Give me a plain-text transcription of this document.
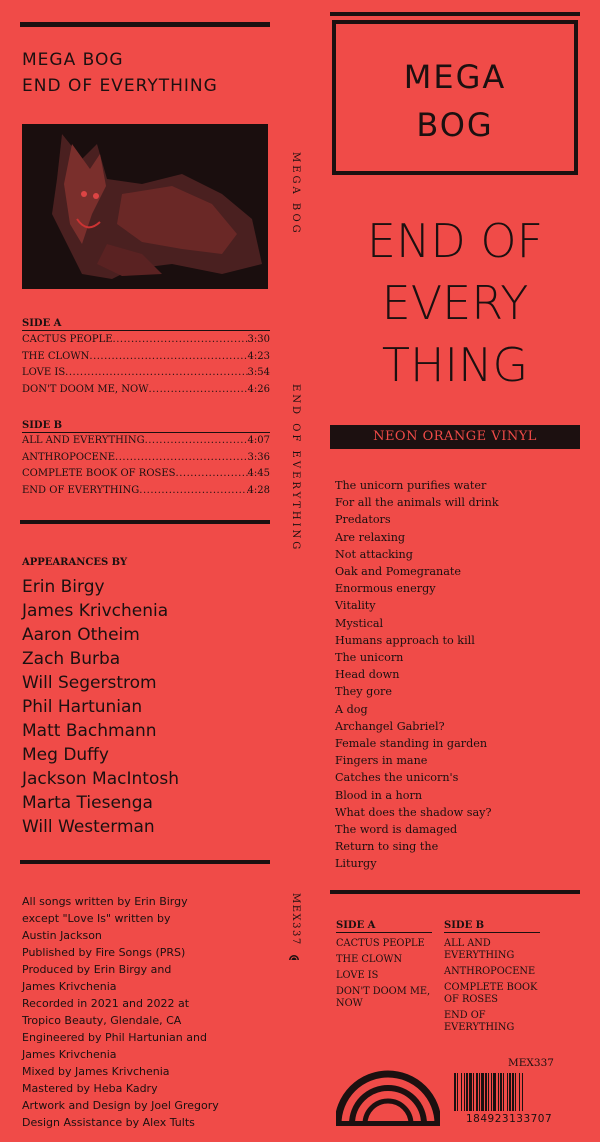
MEGA BOG
END OF EVERYTHING
SIDE A
CACTUS PEOPLE .....	3:30
THE CLOWN .....	4:23
LOVE IS .....	3:54
DON'T DOOM ME, NOW .....	4:26
SIDE B
ALL AND EVERYTHING .....	4:07
ANTHROPOCENE .....	3:36
COMPLETE BOOK OF ROSES .....	4:45
END OF EVERYTHING .....	4:28
APPEARANCES BY
Erin Birgy
James Krivchenia
Aaron Otheim
Zach Burba
Will Segerstrom
Phil Hartunian
Matt Bachmann
Meg Duffy
Jackson MacIntosh
Marta Tiesenga
Will Westerman
All songs written by Erin Birgy
except "Love Is" written by
Austin Jackson
Published by Fire Songs (PRS)
Produced by Erin Birgy and
James Krivchenia
Recorded in 2021 and 2022 at
Tropico Beauty, Glendale, CA
Engineered by Phil Hartunian and
James Krivchenia
Mixed by James Krivchenia
Mastered by Heba Kadry
Artwork and Design by Joel Gregory
Design Assistance by Alex Tults
MEGA BOG
END OF EVERYTHING
MEX337
MEGA
BOG
END OF
EVERY
THING
NEON ORANGE VINYL
The unicorn purifies water
For all the animals will drink
Predators
Are relaxing
Not attacking
Oak and Pomegranate
Enormous energy
Vitality
Mystical
Humans approach to kill
The unicorn
Head down
They gore
A dog
Archangel Gabriel?
Female standing in garden
Fingers in mane
Catches the unicorn's
Blood in a horn
What does the shadow say?
The word is damaged
Return to sing the
Liturgy
SIDE A
CACTUS PEOPLE
THE CLOWN
LOVE IS
DON'T DOOM ME, NOW
SIDE B
ALL AND EVERYTHING
ANTHROPOCENE
COMPLETE BOOK OF ROSES
END OF EVERYTHING
MEX337
184923133707
